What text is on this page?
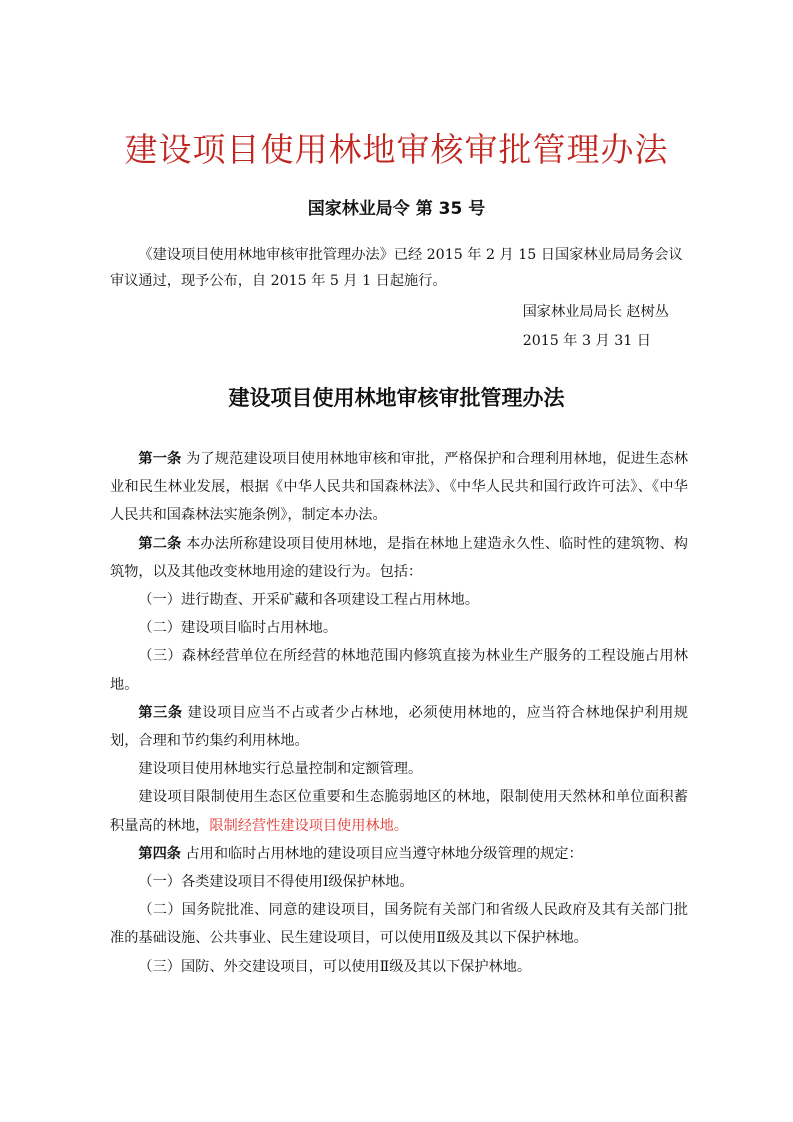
建设项目使用林地审核审批管理办法
国家林业局令 第 35 号
《建设项目使用林地审核审批管理办法》已经 2015 年 2 月 15 日国家林业局局务会议审议通过，现予公布，自 2015 年 5 月 1 日起施行。
国家林业局局长 赵树丛
2015 年 3 月 31 日
建设项目使用林地审核审批管理办法

第一条 为了规范建设项目使用林地审核和审批，严格保护和合理利用林地，促进生态林业和民生林业发展，根据《中华人民共和国森林法》、《中华人民共和国行政许可法》、《中华人民共和国森林法实施条例》，制定本办法。

第二条 本办法所称建设项目使用林地，是指在林地上建造永久性、临时性的建筑物、构筑物，以及其他改变林地用途的建设行为。包括：

（一）进行勘查、开采矿藏和各项建设工程占用林地。

（二）建设项目临时占用林地。

（三）森林经营单位在所经营的林地范围内修筑直接为林业生产服务的工程设施占用林地。

第三条 建设项目应当不占或者少占林地，必须使用林地的，应当符合林地保护利用规划，合理和节约集约利用林地。

建设项目使用林地实行总量控制和定额管理。

建设项目限制使用生态区位重要和生态脆弱地区的林地，限制使用天然林和单位面积蓄积量高的林地，限制经营性建设项目使用林地。

第四条 占用和临时占用林地的建设项目应当遵守林地分级管理的规定：

（一）各类建设项目不得使用Ⅰ级保护林地。

（二）国务院批准、同意的建设项目，国务院有关部门和省级人民政府及其有关部门批准的基础设施、公共事业、民生建设项目，可以使用Ⅱ级及其以下保护林地。

（三）国防、外交建设项目，可以使用Ⅱ级及其以下保护林地。
